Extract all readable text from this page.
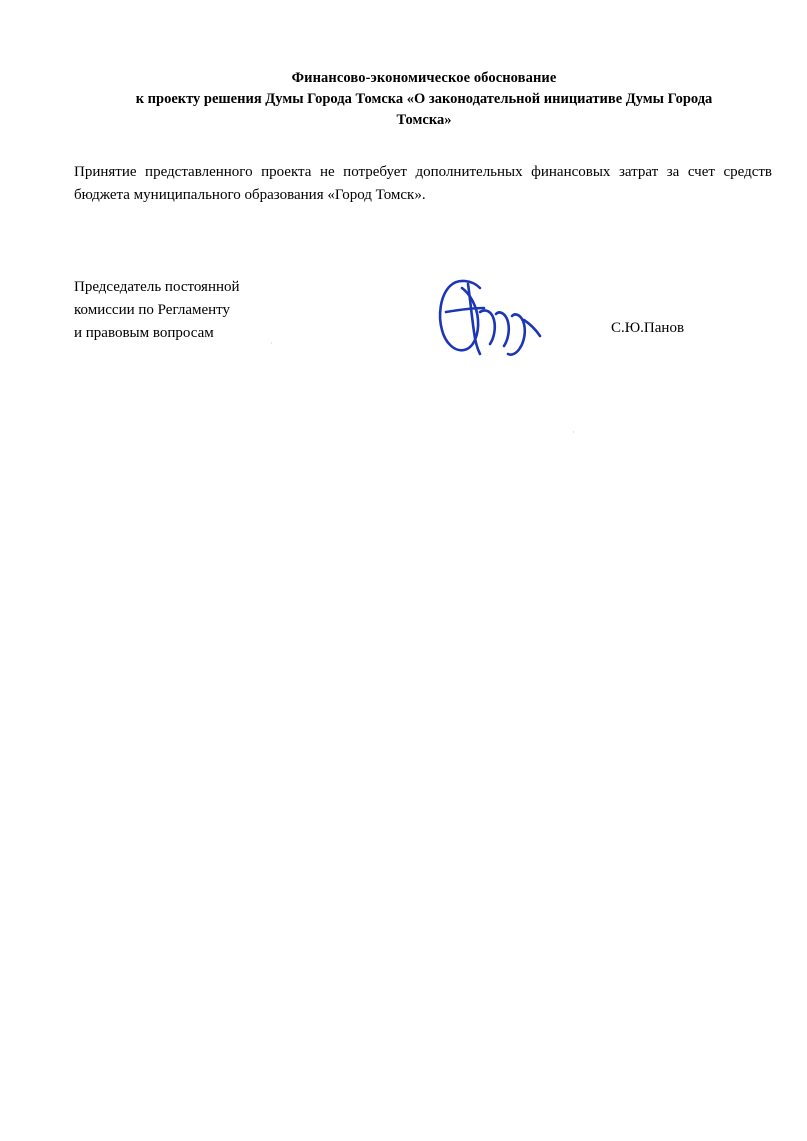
Финансово-экономическое обоснование
к проекту решения Думы Города Томска «О законодательной инициативе Думы Города
Томска»

Принятие представленного проекта не потребует дополнительных финансовых затрат за счет средств бюджета муниципального образования «Город Томск».

Председатель постоянной
комиссии по Регламенту
и правовым вопросам	С.Ю.Панов
·
·
